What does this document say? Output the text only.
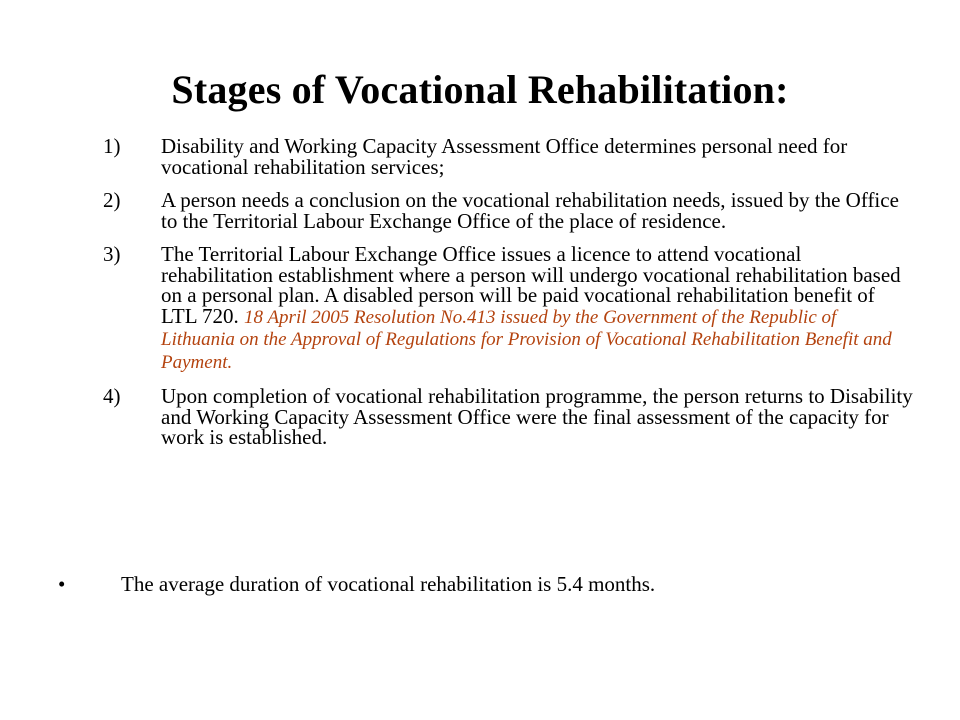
Stages of Vocational Rehabilitation:
1) Disability and Working Capacity Assessment Office determines personal need for vocational rehabilitation services;
2) A person needs a conclusion on the vocational rehabilitation needs, issued by the Office to the Territorial Labour Exchange Office of the place of residence.
3) The Territorial Labour Exchange Office issues a licence to attend vocational rehabilitation establishment where a person will undergo vocational rehabilitation based on a personal plan. A disabled person will be paid vocational rehabilitation benefit of LTL 720. 18 April 2005 Resolution No.413 issued by the Government of the Republic of Lithuania on the Approval of Regulations for Provision of Vocational Rehabilitation Benefit and Payment.
4) Upon completion of vocational rehabilitation programme, the person returns to Disability and Working Capacity Assessment Office were the final assessment of the capacity for work is established.
•	The average duration of vocational rehabilitation is 5.4 months.
